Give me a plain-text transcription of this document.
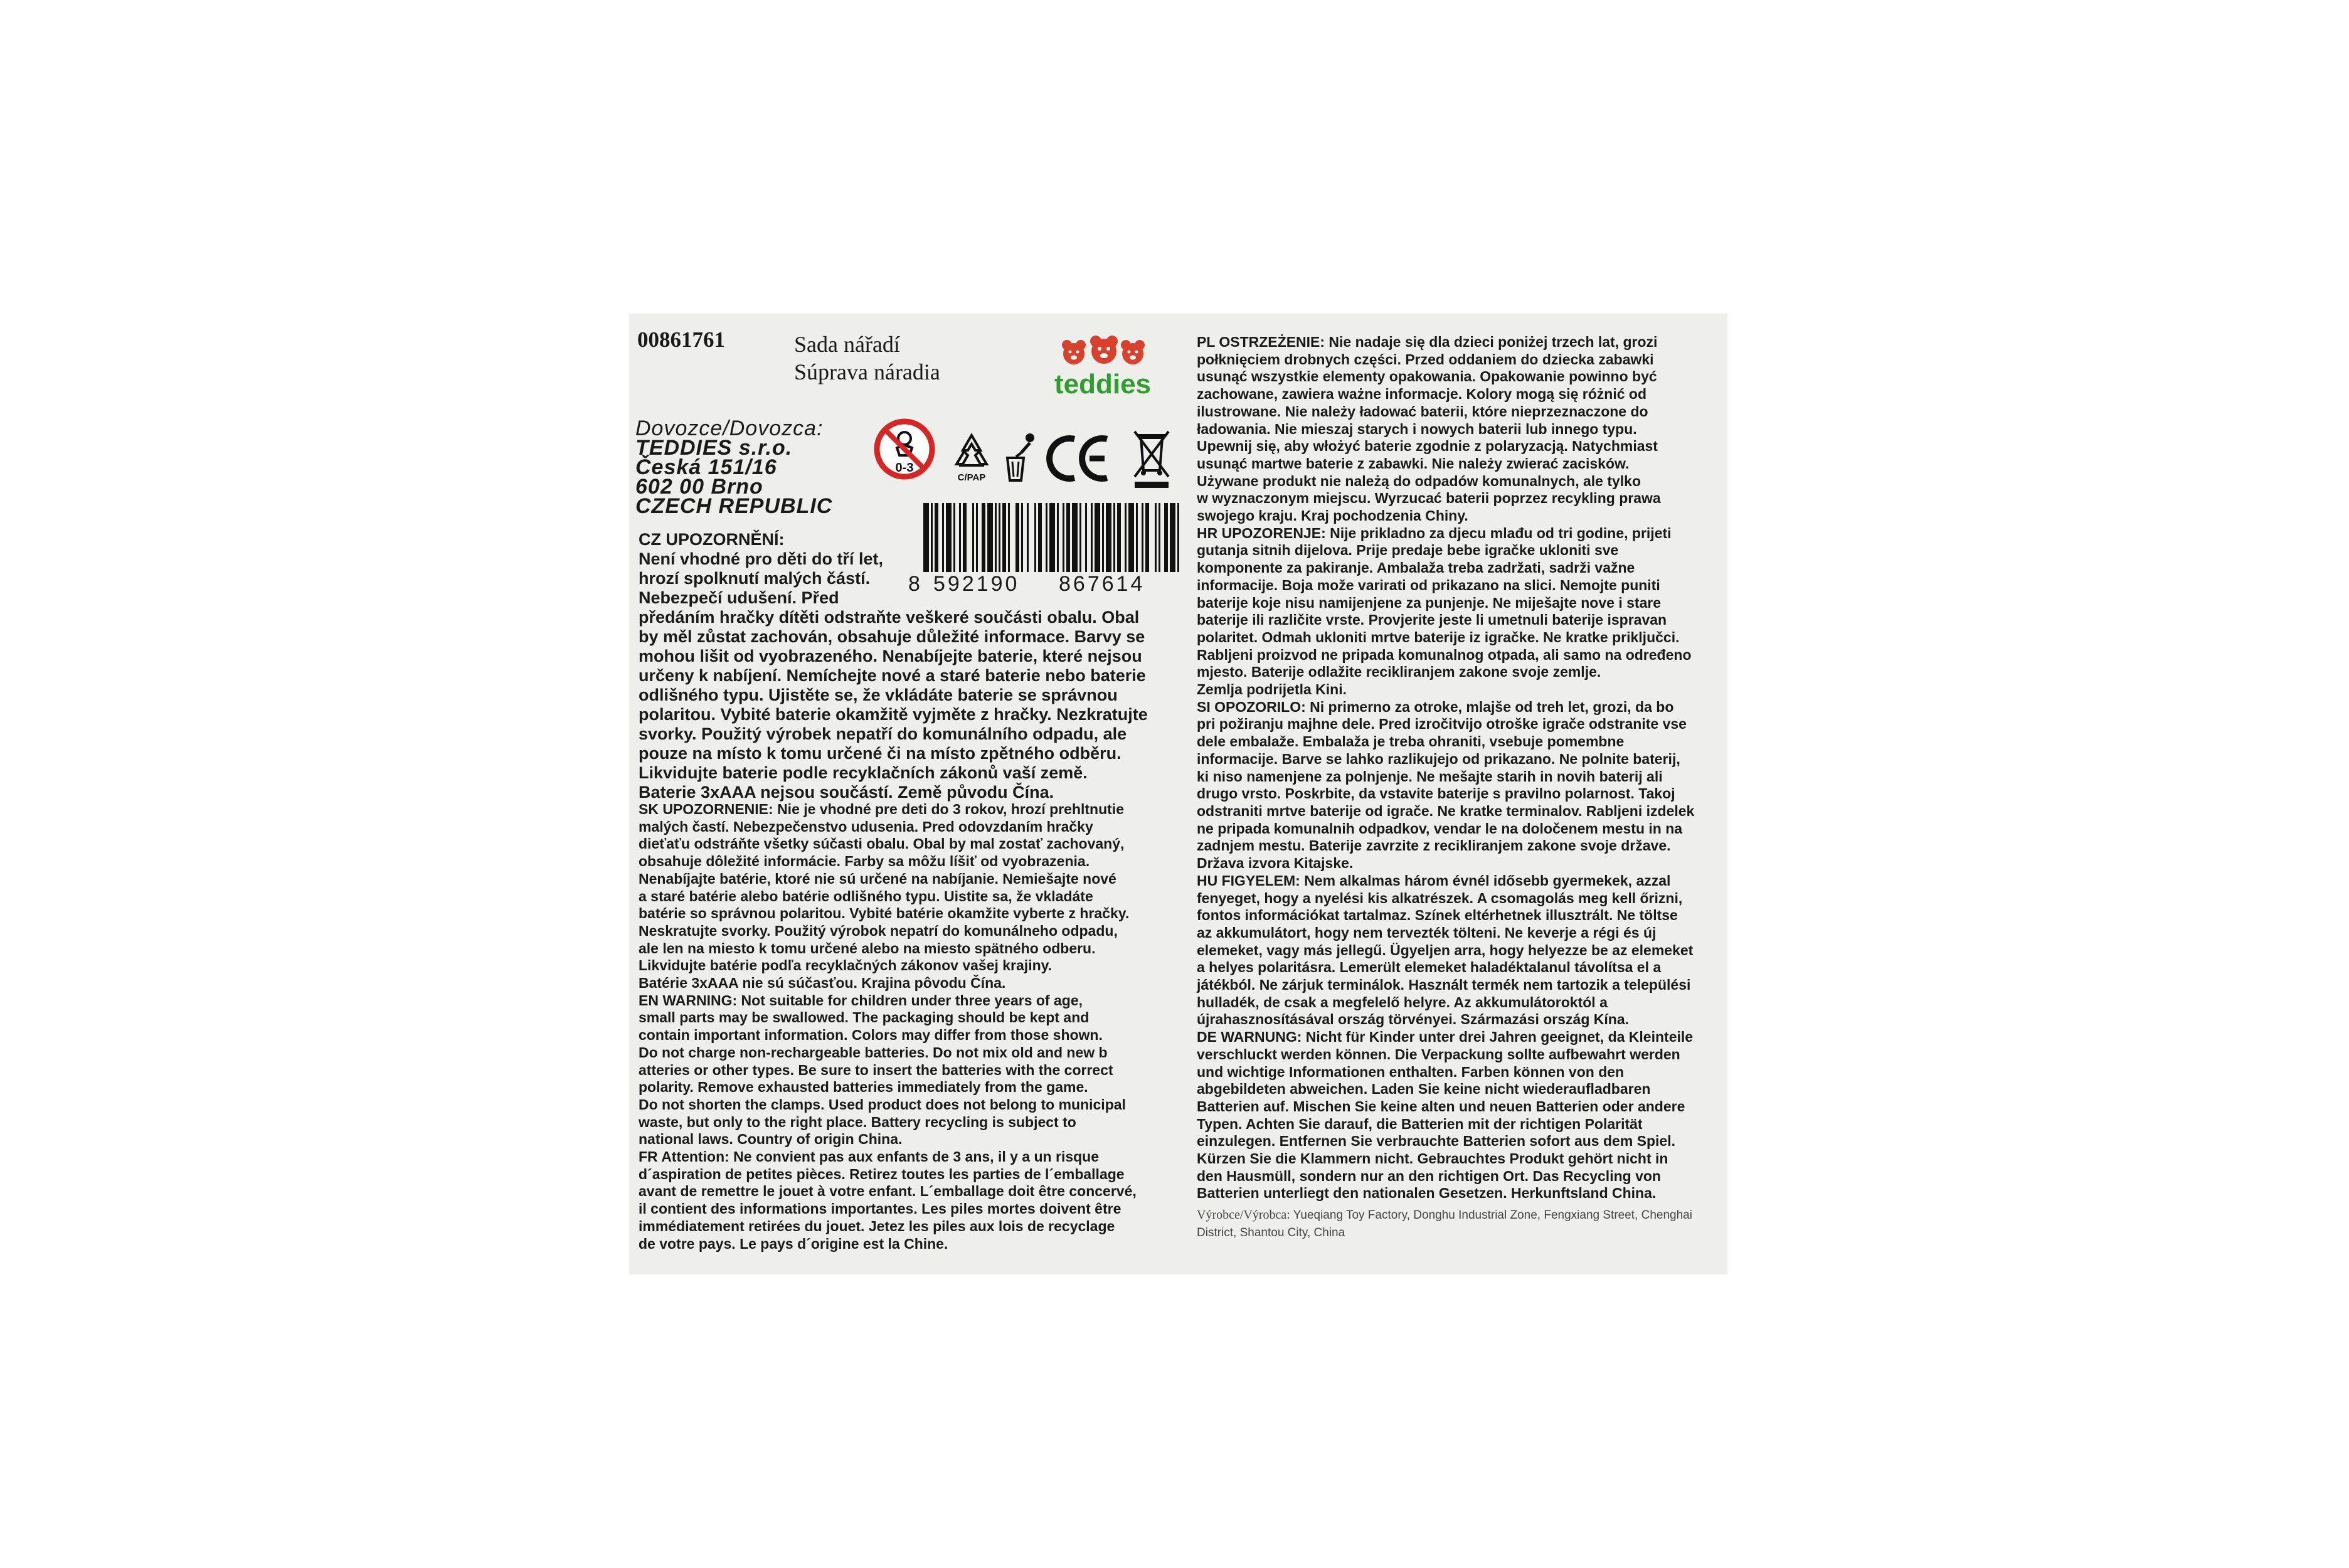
00861761	Sada nářadí
Súprava náradia	teddies
Dovozce/Dovozca:
TEDDIES s.r.o.
Česká 151/16
602 00 Brno
CZECH REPUBLIC
0-3
C/PAP
8 592190 867614
CZ UPOZORNĚNÍ:
Není vhodné pro děti do tří let,
hrozí spolknutí malých částí.
Nebezpečí udušení. Před
předáním hračky dítěti odstraňte veškeré součásti obalu. Obal
by měl zůstat zachován, obsahuje důležité informace. Barvy se
mohou lišit od vyobrazeného. Nenabíjejte baterie, které nejsou
určeny k nabíjení. Nemíchejte nové a staré baterie nebo baterie
odlišného typu. Ujistěte se, že vkládáte baterie se správnou
polaritou. Vybité baterie okamžitě vyjměte z hračky. Nezkratujte
svorky. Použitý výrobek nepatří do komunálního odpadu, ale
pouze na místo k tomu určené či na místo zpětného odběru.
Likvidujte baterie podle recyklačních zákonů vaší země.
Baterie 3xAAA nejsou součástí. Země původu Čína.
SK UPOZORNENIE: Nie je vhodné pre deti do 3 rokov, hrozí prehltnutie
malých častí. Nebezpečenstvo udusenia. Pred odovzdaním hračky
dieťaťu odstráňte všetky súčasti obalu. Obal by mal zostať zachovaný,
obsahuje dôležité informácie. Farby sa môžu líšiť od vyobrazenia.
Nenabíjajte batérie, ktoré nie sú určené na nabíjanie. Nemiešajte nové
a staré batérie alebo batérie odlišného typu. Uistite sa, že vkladáte
batérie so správnou polaritou. Vybité batérie okamžite vyberte z hračky.
Neskratujte svorky. Použitý výrobok nepatrí do komunálneho odpadu,
ale len na miesto k tomu určené alebo na miesto spätného odberu.
Likvidujte batérie podľa recyklačných zákonov vašej krajiny.
Batérie 3xAAA nie sú súčasťou. Krajina pôvodu Čína.
EN WARNING: Not suitable for children under three years of age,
small parts may be swallowed. The packaging should be kept and
contain important information. Colors may differ from those shown.
Do not charge non-rechargeable batteries. Do not mix old and new b
atteries or other types. Be sure to insert the batteries with the correct
polarity. Remove exhausted batteries immediately from the game.
Do not shorten the clamps. Used product does not belong to municipal
waste, but only to the right place. Battery recycling is subject to
national laws. Country of origin China.
FR Attention: Ne convient pas aux enfants de 3 ans, il y a un risque
d´aspiration de petites pièces. Retirez toutes les parties de l´emballage
avant de remettre le jouet à votre enfant. L´emballage doit être concervé,
il contient des informations importantes. Les piles mortes doivent être
immédiatement retirées du jouet. Jetez les piles aux lois de recyclage
de votre pays. Le pays d´origine est la Chine.
PL OSTRZEŻENIE: Nie nadaje się dla dzieci poniżej trzech lat, grozi
połknięciem drobnych części. Przed oddaniem do dziecka zabawki
usunąć wszystkie elementy opakowania. Opakowanie powinno być
zachowane, zawiera ważne informacje. Kolory mogą się różnić od
ilustrowane. Nie należy ładować baterii, które nieprzeznaczone do
ładowania. Nie mieszaj starych i nowych baterii lub innego typu.
Upewnij się, aby włożyć baterie zgodnie z polaryzacją. Natychmiast
usunąć martwe baterie z zabawki. Nie należy zwierać zacisków.
Używane produkt nie należą do odpadów komunalnych, ale tylko
w wyznaczonym miejscu. Wyrzucać baterii poprzez recykling prawa
swojego kraju. Kraj pochodzenia Chiny.
HR UPOZORENJE: Nije prikladno za djecu mlađu od tri godine, prijeti
gutanja sitnih dijelova. Prije predaje bebe igračke ukloniti sve
komponente za pakiranje. Ambalaža treba zadržati, sadrži važne
informacije. Boja može varirati od prikazano na slici. Nemojte puniti
baterije koje nisu namijenjene za punjenje. Ne miješajte nove i stare
baterije ili različite vrste. Provjerite jeste li umetnuli baterije ispravan
polaritet. Odmah ukloniti mrtve baterije iz igračke. Ne kratke priključci.
Rabljeni proizvod ne pripada komunalnog otpada, ali samo na određeno
mjesto. Baterije odlažite recikliranjem zakone svoje zemlje.
Zemlja podrijetla Kini.
SI OPOZORILO: Ni primerno za otroke, mlajše od treh let, grozi, da bo
pri požiranju majhne dele. Pred izročitvijo otroške igrače odstranite vse
dele embalaže. Embalaža je treba ohraniti, vsebuje pomembne
informacije. Barve se lahko razlikujejo od prikazano. Ne polnite baterij,
ki niso namenjene za polnjenje. Ne mešajte starih in novih baterij ali
drugo vrsto. Poskrbite, da vstavite baterije s pravilno polarnost. Takoj
odstraniti mrtve baterije od igrače. Ne kratke terminalov. Rabljeni izdelek
ne pripada komunalnih odpadkov, vendar le na določenem mestu in na
zadnjem mestu. Baterije zavrzite z recikliranjem zakone svoje države.
Država izvora Kitajske.
HU FIGYELEM: Nem alkalmas három évnél idősebb gyermekek, azzal
fenyeget, hogy a nyelési kis alkatrészek. A csomagolás meg kell őrizni,
fontos információkat tartalmaz. Színek eltérhetnek illusztrált. Ne töltse
az akkumulátort, hogy nem tervezték tölteni. Ne keverje a régi és új
elemeket, vagy más jellegű. Ügyeljen arra, hogy helyezze be az elemeket
a helyes polaritásra. Lemerült elemeket haladéktalanul távolítsa el a
játékból. Ne zárjuk terminálok. Használt termék nem tartozik a települési
hulladék, de csak a megfelelő helyre. Az akkumulátoroktól a
újrahasznosításával ország törvényei. Származási ország Kína.
DE WARNUNG: Nicht für Kinder unter drei Jahren geeignet, da Kleinteile
verschluckt werden können. Die Verpackung sollte aufbewahrt werden
und wichtige Informationen enthalten. Farben können von den
abgebildeten abweichen. Laden Sie keine nicht wiederaufladbaren
Batterien auf. Mischen Sie keine alten und neuen Batterien oder andere
Typen. Achten Sie darauf, die Batterien mit der richtigen Polarität
einzulegen. Entfernen Sie verbrauchte Batterien sofort aus dem Spiel.
Kürzen Sie die Klammern nicht. Gebrauchtes Produkt gehört nicht in
den Hausmüll, sondern nur an den richtigen Ort. Das Recycling von
Batterien unterliegt den nationalen Gesetzen. Herkunftsland China.
Výrobce/Výrobca: Yueqiang Toy Factory, Donghu Industrial Zone, Fengxiang Street, Chenghai
District, Shantou City, China
